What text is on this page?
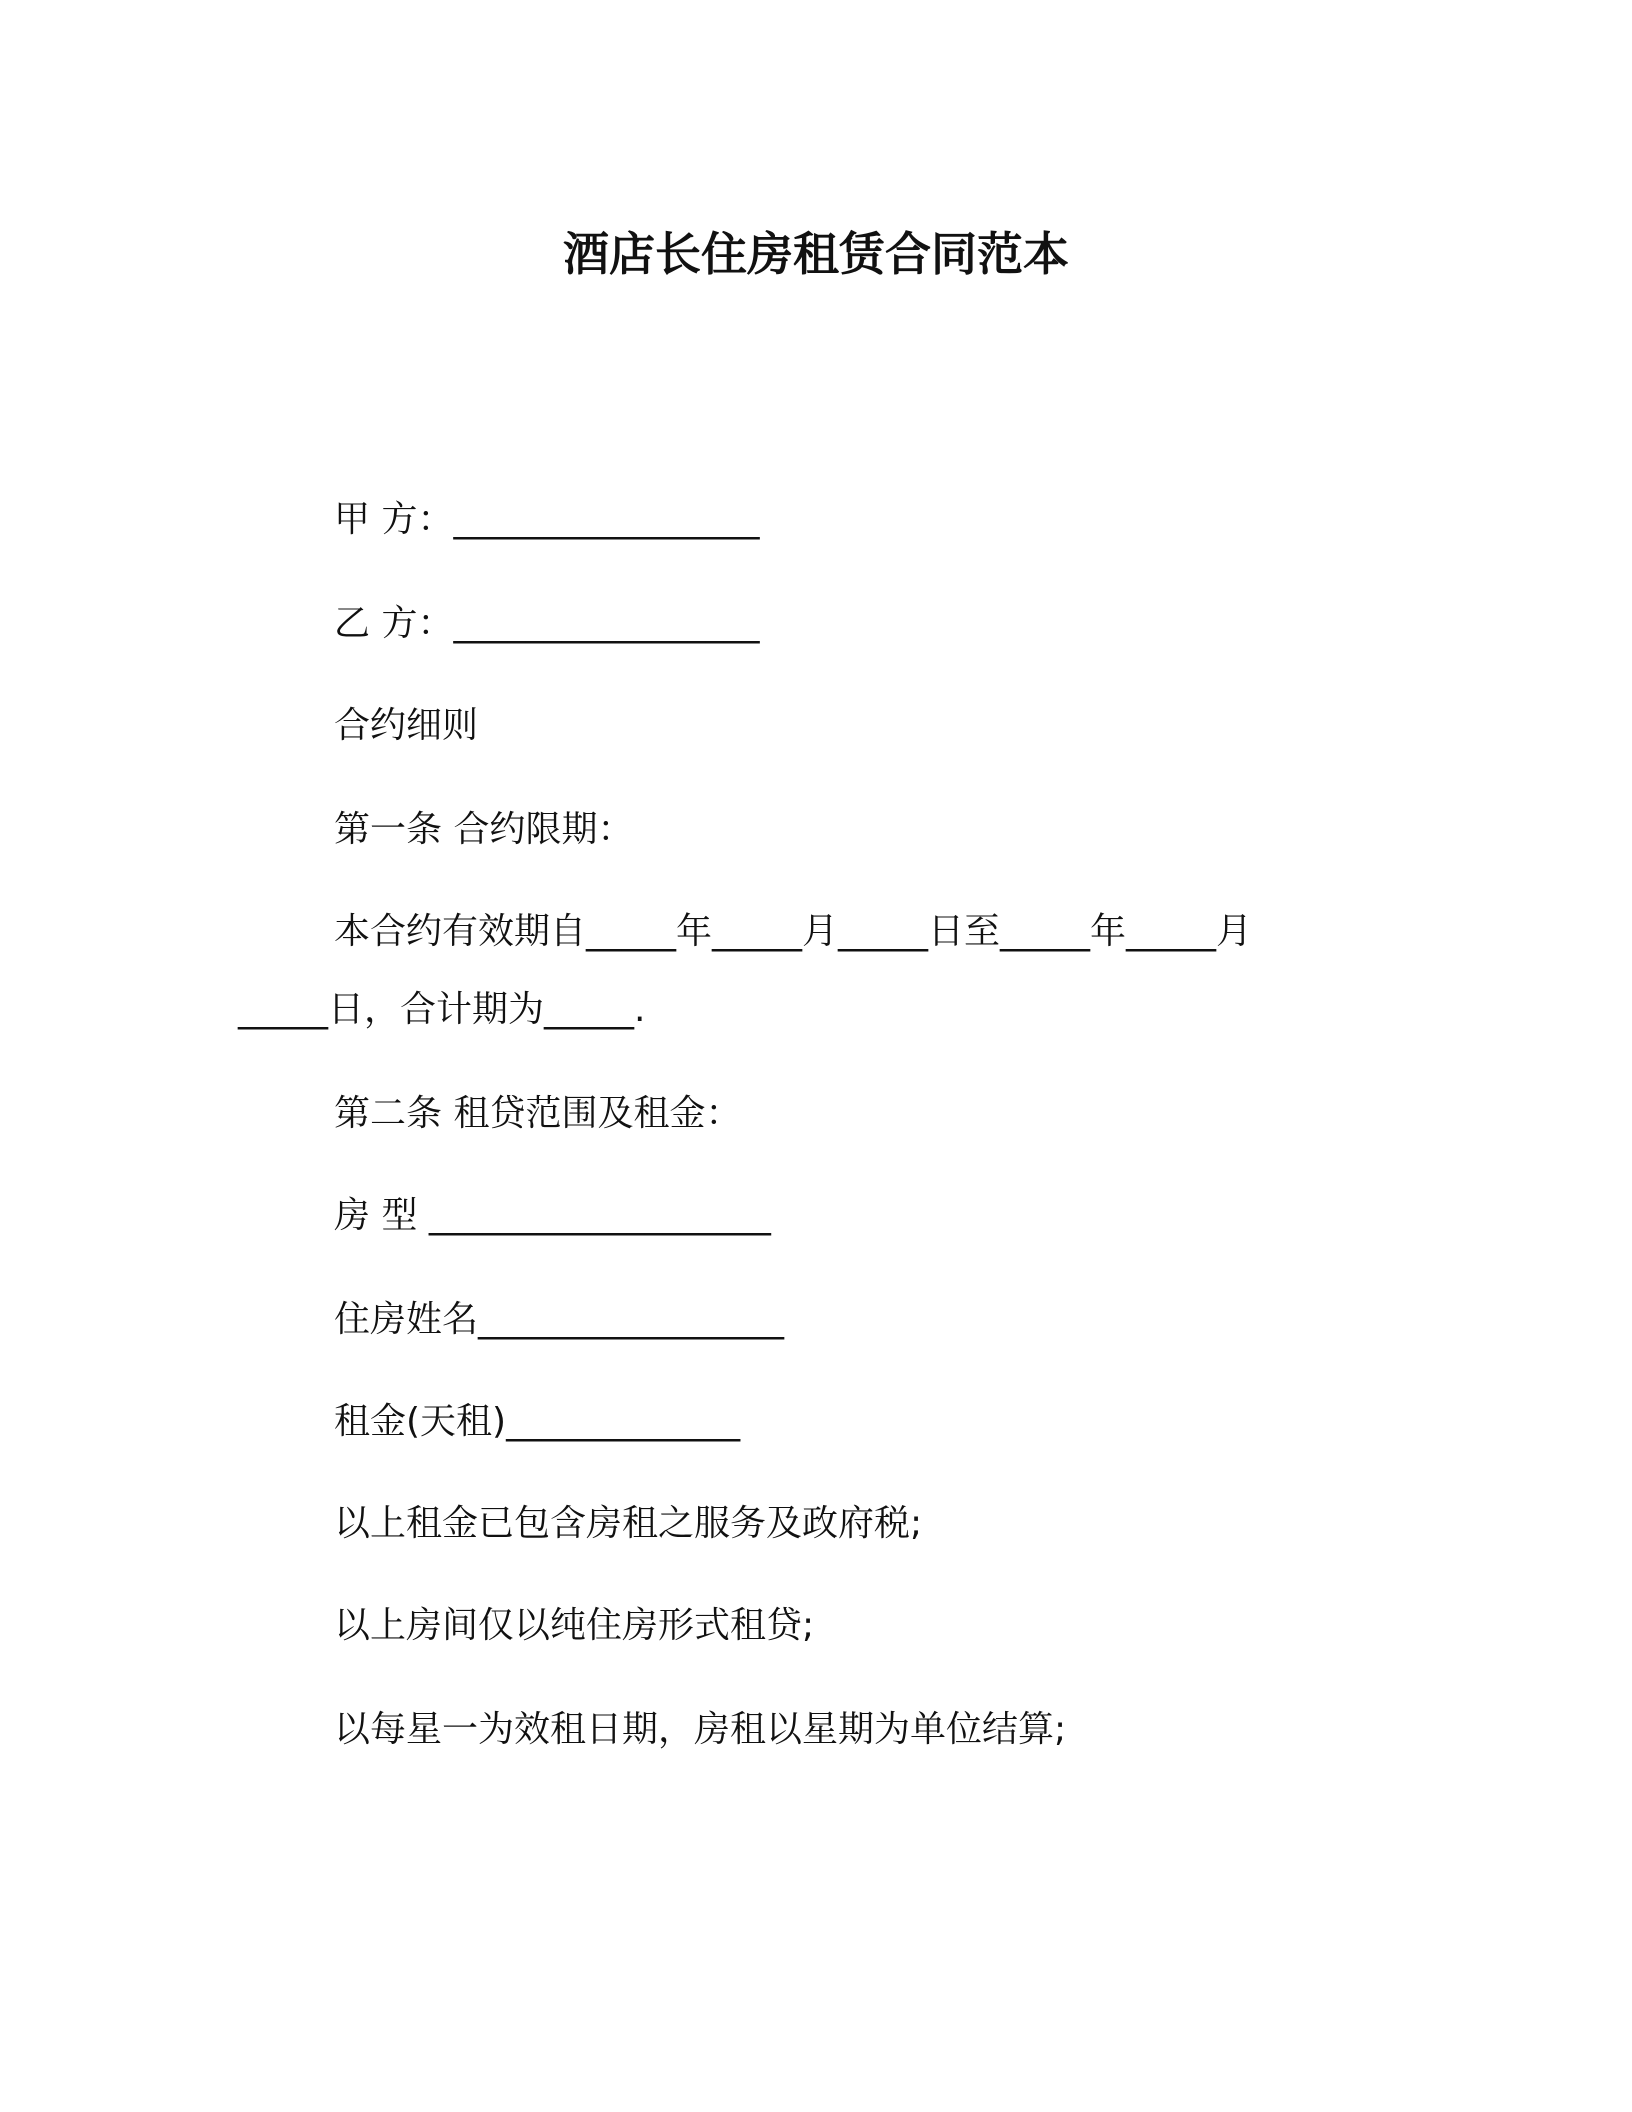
酒店长住房租赁合同范本
甲 方：_________________
乙 方：_________________
合约细则
第一条 合约限期：
本合约有效期自_____年_____月_____日至_____年_____月
_____日，合计期为_____.
第二条 租贷范围及租金：
房 型 ___________________
住房姓名_________________
租金(天租)_____________
以上租金已包含房租之服务及政府税;
以上房间仅以纯住房形式租贷;
以每星一为效租日期，房租以星期为单位结算;
